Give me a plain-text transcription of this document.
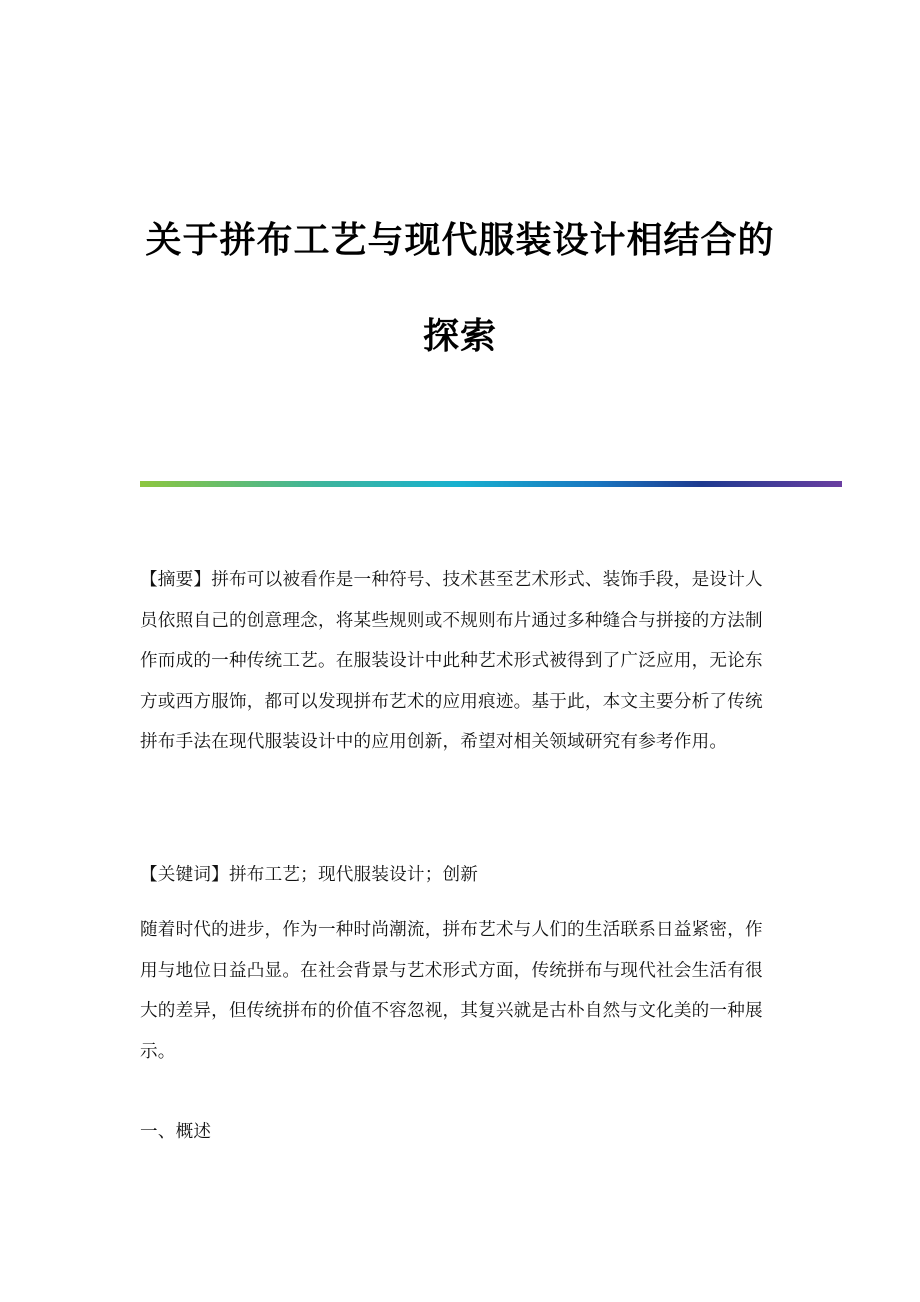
关于拼布工艺与现代服装设计相结合的
探索

【摘要】拼布可以被看作是一种符号、技术甚至艺术形式、装饰手段，是设计人员依照自己的创意理念，将某些规则或不规则布片通过多种缝合与拼接的方法制作而成的一种传统工艺。在服装设计中此种艺术形式被得到了广泛应用，无论东方或西方服饰，都可以发现拼布艺术的应用痕迹。基于此，本文主要分析了传统拼布手法在现代服装设计中的应用创新，希望对相关领域研究有参考作用。

【关键词】拼布工艺；现代服装设计；创新

随着时代的进步，作为一种时尚潮流，拼布艺术与人们的生活联系日益紧密，作用与地位日益凸显。在社会背景与艺术形式方面，传统拼布与现代社会生活有很大的差异，但传统拼布的价值不容忽视，其复兴就是古朴自然与文化美的一种展示。

一、概述
